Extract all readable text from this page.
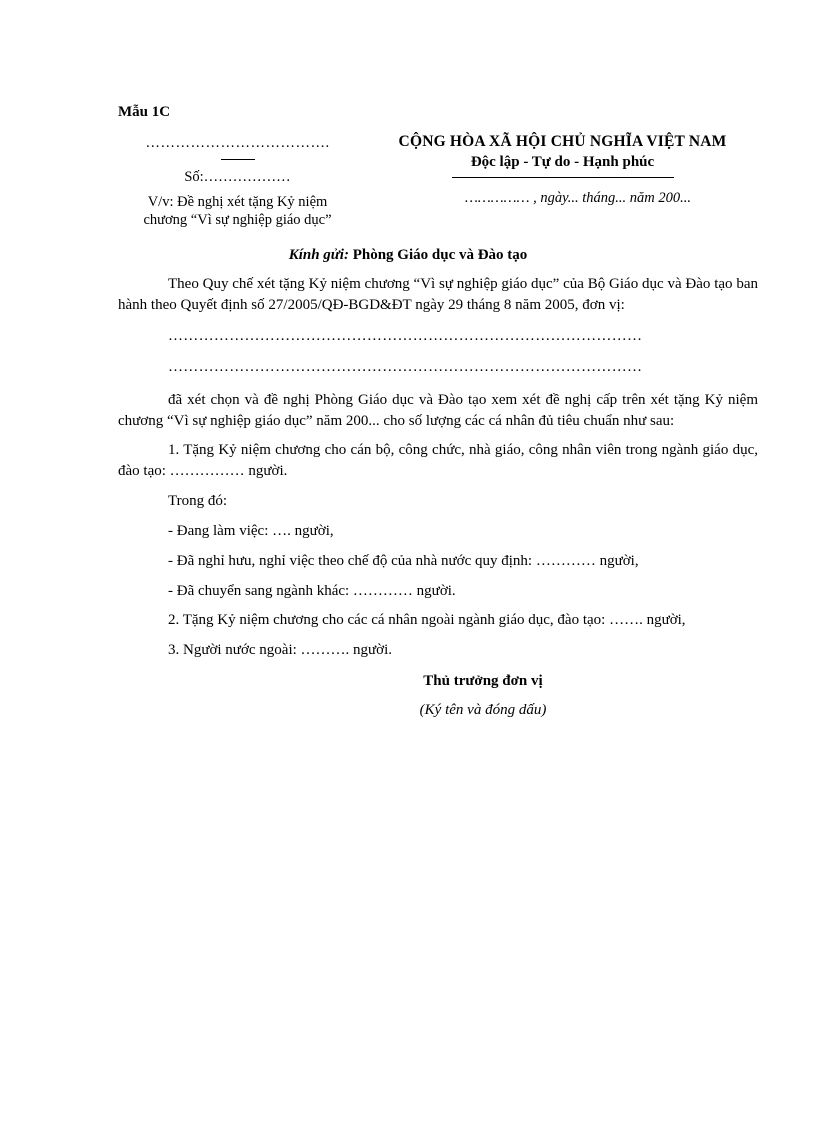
Mẫu 1C
……………………………….
Số:………………
V/v: Đề nghị xét tặng Kỷ niệm
chương “Vì sự nghiệp giáo dục”
CỘNG HÒA XÃ HỘI CHỦ NGHĨA VIỆT NAM
Độc lập - Tự do - Hạnh phúc
…………… , ngày... tháng... năm 200...
Kính gửi: Phòng Giáo dục và Đào tạo
Theo Quy chế xét tặng Kỷ niệm chương “Vì sự nghiệp giáo dục” của Bộ Giáo dục và Đào tạo ban hành theo Quyết định số 27/2005/QĐ-BGD&ĐT ngày 29 tháng 8 năm 2005, đơn vị:
…………………………………………………………………………………
…………………………………………………………………………………
đã xét chọn và đề nghị Phòng Giáo dục và Đào tạo xem xét đề nghị cấp trên xét tặng Kỷ niệm chương “Vì sự nghiệp giáo dục” năm 200... cho số lượng các cá nhân đủ tiêu chuẩn như sau:
1. Tặng Kỷ niệm chương cho cán bộ, công chức, nhà giáo, công nhân viên trong ngành giáo dục, đào tạo: …………… người.
Trong đó:
- Đang làm việc: …. người,
- Đã nghỉ hưu, nghỉ việc theo chế độ của nhà nước quy định: ………… người,
- Đã chuyển sang ngành khác: ………… người.
2. Tặng Kỷ niệm chương cho các cá nhân ngoài ngành giáo dục, đào tạo: ……. người,
3. Người nước ngoài: ………. người.
Thủ trưởng đơn vị
(Ký tên và đóng dấu)
